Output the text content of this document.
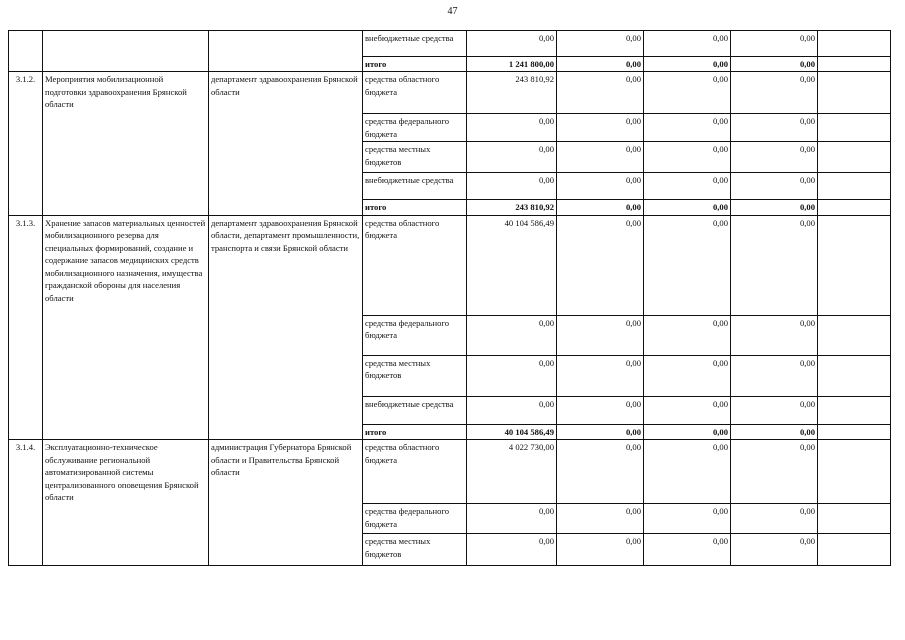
47
			внебюджетные средства	0,00	0,00	0,00	0,00	
			итого	1 241 800,00	0,00	0,00	0,00	
3.1.2.	Мероприятия мобилизационной подготовки здравоохранения Брянской области	департамент здравоохранения Брянской области	средства областного бюджета	243 810,92	0,00	0,00	0,00	
			средства федерального бюджета	0,00	0,00	0,00	0,00	
			средства местных бюджетов	0,00	0,00	0,00	0,00	
			внебюджетные средства	0,00	0,00	0,00	0,00	
			итого	243 810,92	0,00	0,00	0,00	
3.1.3.	Хранение запасов материальных ценностей мобилизационного резерва для специальных формирований, создание и содержание запасов медицинских средств мобилизационного назначения, имущества гражданской обороны для населения области	департамент здравоохранения Брянской области, департамент промышленности, транспорта и связи Брянской области	средства областного бюджета	40 104 586,49	0,00	0,00	0,00	
			средства федерального бюджета	0,00	0,00	0,00	0,00	
			средства местных бюджетов	0,00	0,00	0,00	0,00	
			внебюджетные средства	0,00	0,00	0,00	0,00	
			итого	40 104 586,49	0,00	0,00	0,00	
3.1.4.	Эксплуатационно-техническое обслуживание региональной автоматизированной системы централизованного оповещения Брянской области	администрация Губернатора Брянской области и Правительства Брянской области	средства областного бюджета	4 022 730,00	0,00	0,00	0,00	
			средства федерального бюджета	0,00	0,00	0,00	0,00	
			средства местных бюджетов	0,00	0,00	0,00	0,00	
